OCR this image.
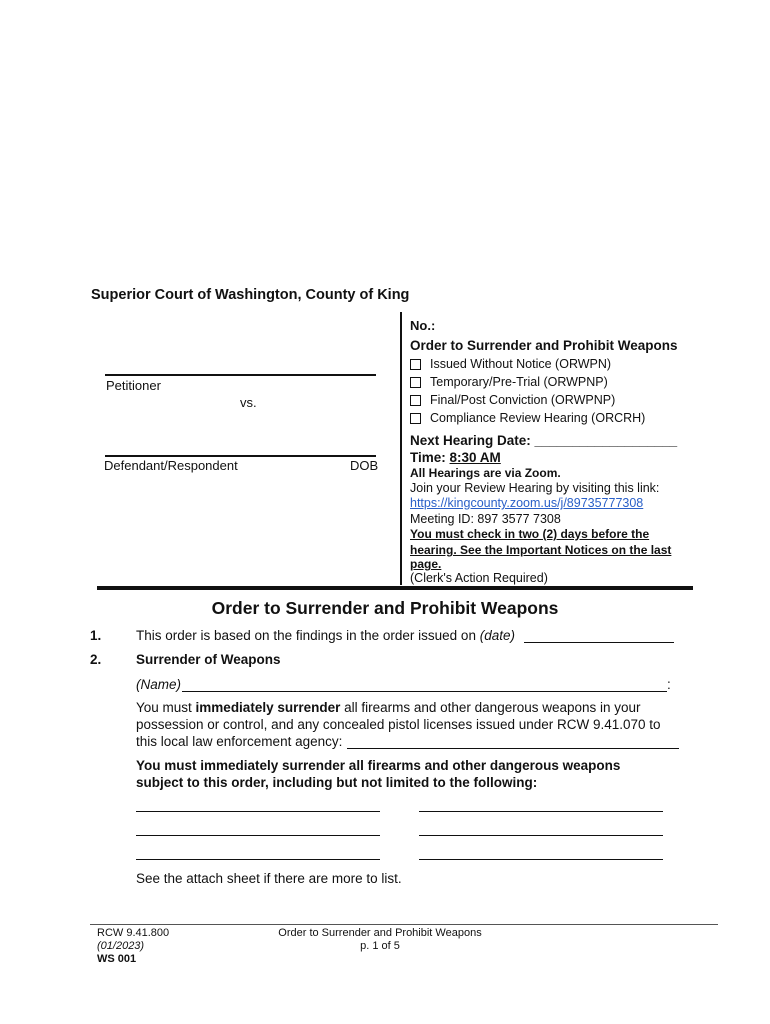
Superior Court of Washington, County of King
Petitioner
vs.
Defendant/Respondent	DOB
No.:
Order to Surrender and Prohibit Weapons
Issued Without Notice (ORWPN)
Temporary/Pre-Trial (ORWPNP)
Final/Post Conviction (ORWPNP)
Compliance Review Hearing (ORCRH)
Next Hearing Date: ___________________
Time: 8:30 AM
All Hearings are via Zoom.
Join your Review Hearing by visiting this link:
https://kingcounty.zoom.us/j/89735777308
Meeting ID: 897 3577 7308
You must check in two (2) days before the
hearing. See the Important Notices on the last
page.
(Clerk's Action Required)
Order to Surrender and Prohibit Weapons
1.	This order is based on the findings in the order issued on (date)
2.	Surrender of Weapons
(Name)	:
You must immediately surrender all firearms and other dangerous weapons in your
possession or control, and any concealed pistol licenses issued under RCW 9.41.070 to
this local law enforcement agency:
You must immediately surrender all firearms and other dangerous weapons
subject to this order, including but not limited to the following:
See the attach sheet if there are more to list.
RCW 9.41.800
(01/2023)
WS 001
Order to Surrender and Prohibit Weapons
p. 1 of 5
